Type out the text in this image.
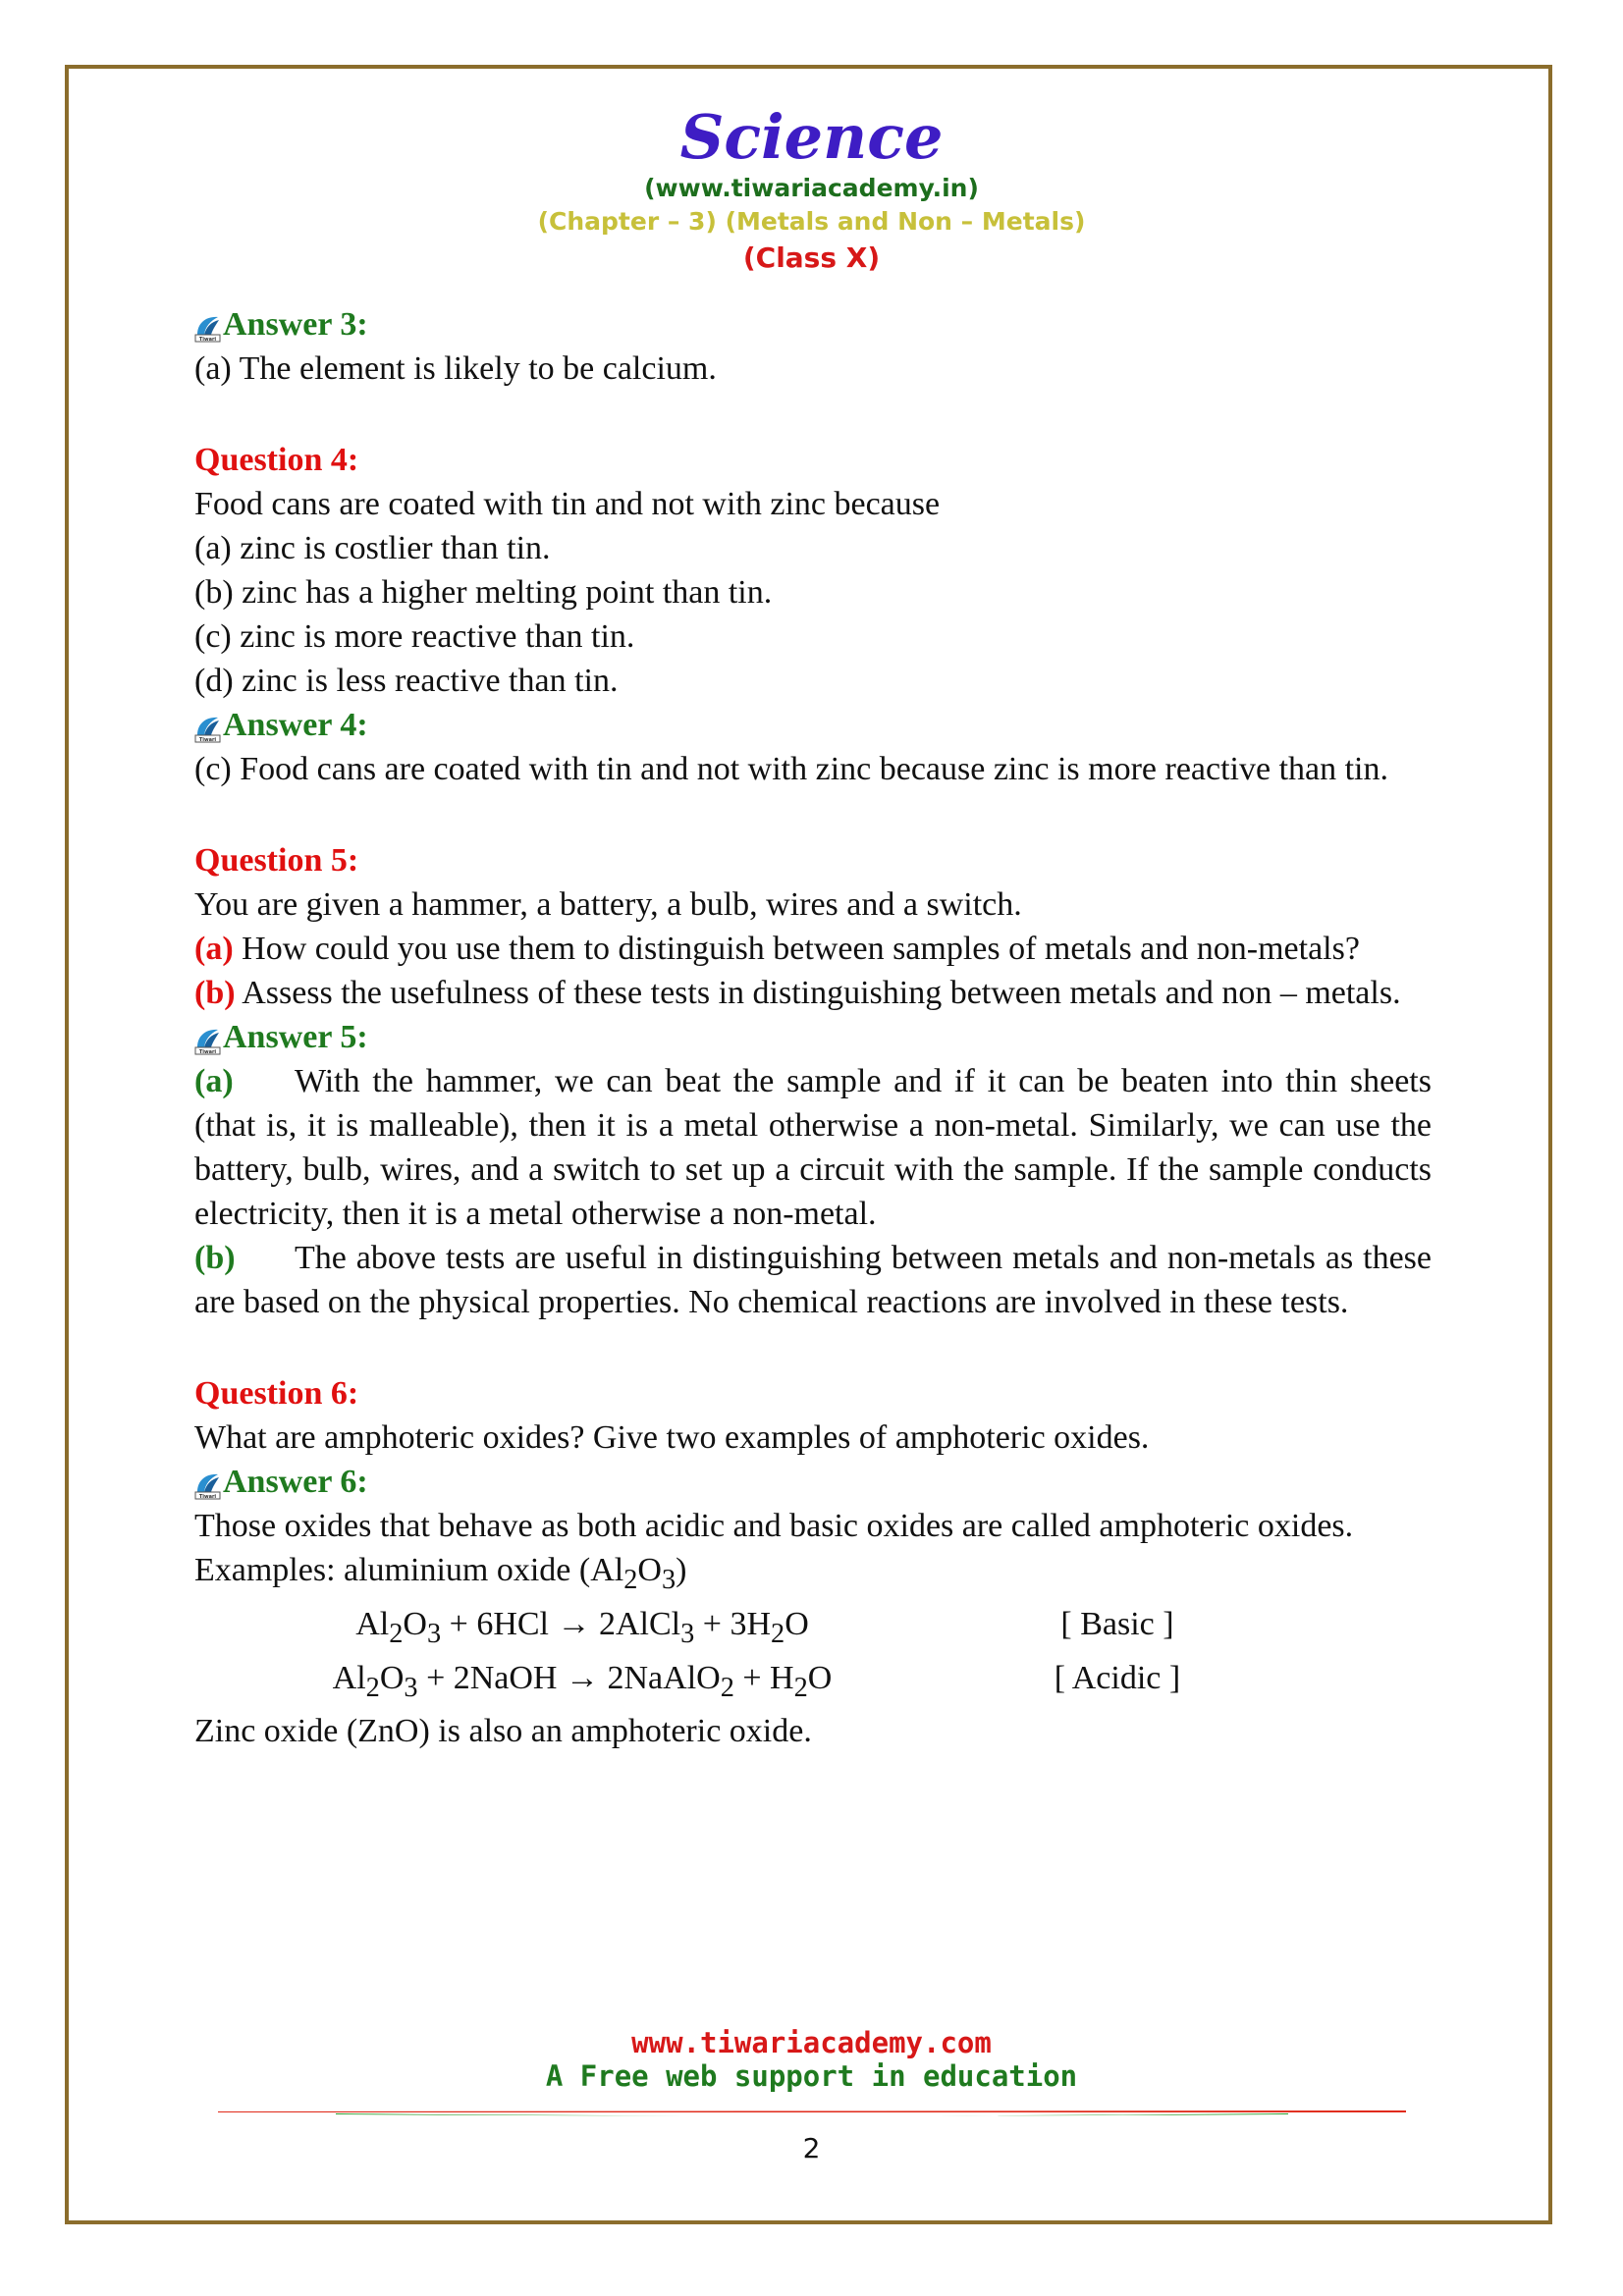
Science
(www.tiwariacademy.in)
(Chapter – 3) (Metals and Non – Metals)
(Class X)
Tiwari Answer 3:

(a) The element is likely to be calcium.

Question 4:

Food cans are coated with tin and not with zinc because

(a) zinc is costlier than tin.

(b) zinc has a higher melting point than tin.

(c) zinc is more reactive than tin.

(d) zinc is less reactive than tin.

Tiwari Answer 4:

(c) Food cans are coated with tin and not with zinc because zinc is more reactive than tin.

Question 5:

You are given a hammer, a battery, a bulb, wires and a switch.

(a) How could you use them to distinguish between samples of metals and non-metals?

(b) Assess the usefulness of these tests in distinguishing between metals and non – metals.

Tiwari Answer 5:

(a) With the hammer, we can beat the sample and if it can be beaten into thin sheets (that is, it is malleable), then it is a metal otherwise a non-metal. Similarly, we can use the battery, bulb, wires, and a switch to set up a circuit with the sample. If the sample conducts electricity, then it is a metal otherwise a non-metal.

(b) The above tests are useful in distinguishing between metals and non-metals as these are based on the physical properties. No chemical reactions are involved in these tests.

Question 6:

What are amphoteric oxides? Give two examples of amphoteric oxides.

Tiwari Answer 6:

Those oxides that behave as both acidic and basic oxides are called amphoteric oxides.

Examples: aluminium oxide $(Al_2O_3)$

$Al_2O_3 + 6HCl$ → 2AlCl$_3$ + $3H_2O$	[ Basic ]
$Al_2O_3$ + 2NaOH → 2NaAlO$_2$ + $H_2O$	[ Acidic ]

Zinc oxide (ZnO) is also an amphoteric oxide.

www.tiwariacademy.com
A Free web support in education
2
